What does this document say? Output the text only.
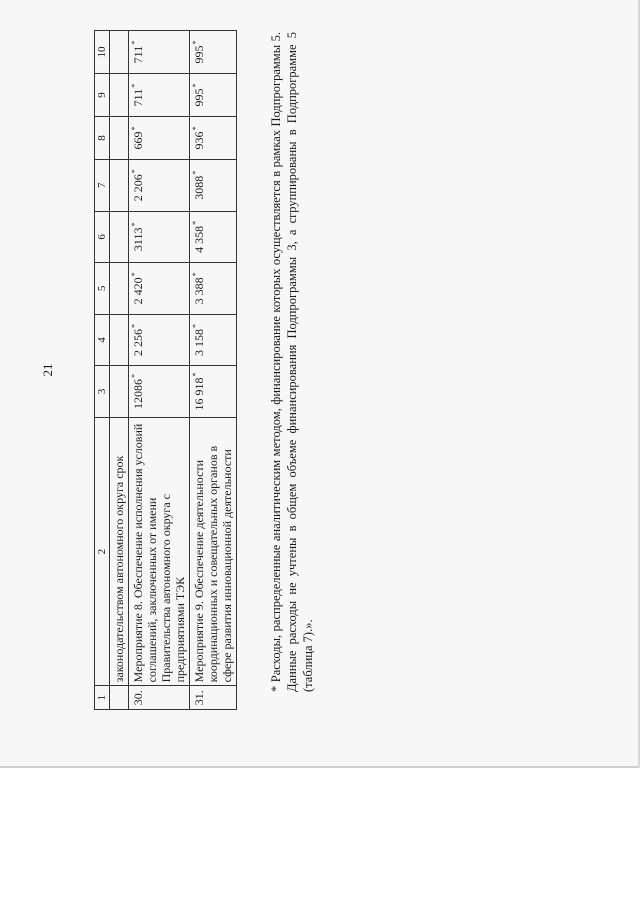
21
1	2	3	4	5	6	7	8	9	10
	законодательством автономного округа срок								
30.	Мероприятие 8. Обеспечение исполнения условий соглашений, заключенных от имени Правительства автономного округа с предприятиями ТЭК	12086*	2 256*	2 420*	3113*	2 206*	669*	711*	711*
31.	Мероприятие 9. Обеспечение деятельности координационных и совещательных органов в сфере развития инновационной деятельности	16 918*	3 158*	3 388*	4 358*	3088*	936*	995*	995*	* Расходы, распределенные аналитическим методом, финансирование которых осуществляется в рамках Подпрограммы 5. Данные расходы не учтены в общем объеме финансирования Подпрограммы 3, а сгруппированы в Подпрограмме 5 (таблица 7).».
